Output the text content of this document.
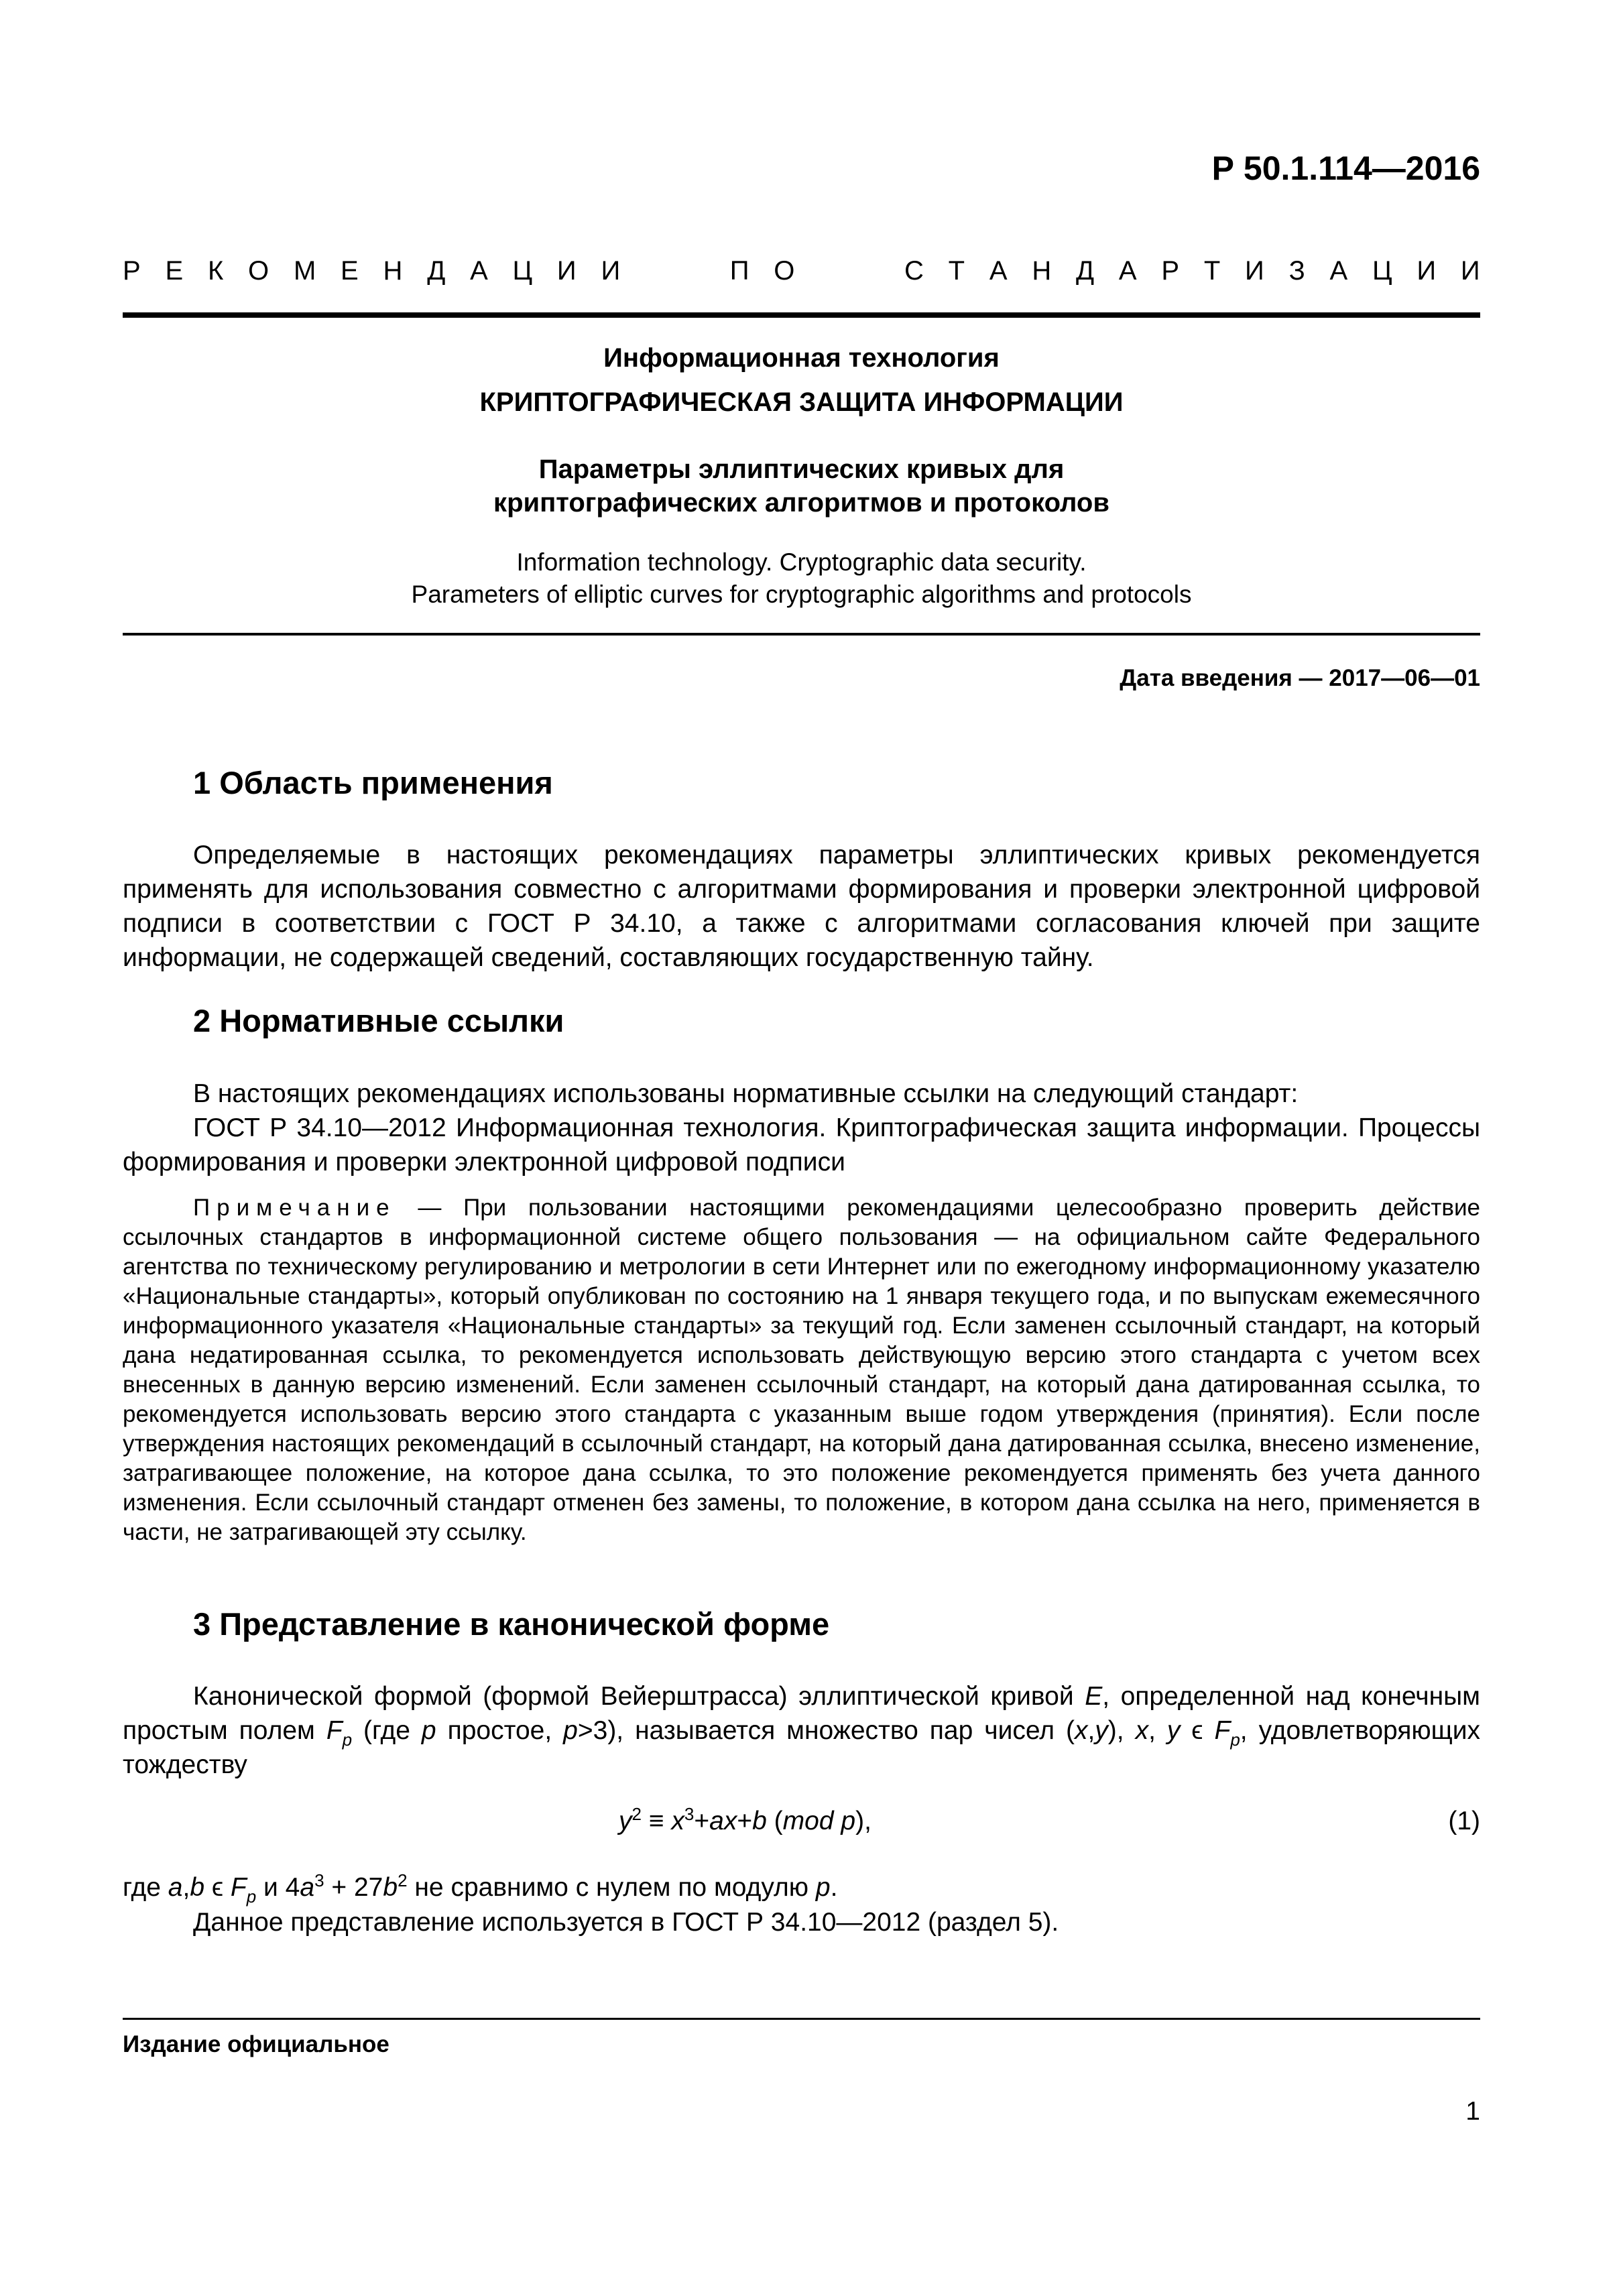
Р 50.1.114—2016
Р Е К О М Е Н Д А Ц И И	П О	С Т А Н Д А Р Т И З А Ц И И
Информационная технология
КРИПТОГРАФИЧЕСКАЯ ЗАЩИТА ИНФОРМАЦИИ
Параметры эллиптических кривых для
криптографических алгоритмов и протоколов
Information technology. Cryptographic data security.
Parameters of elliptic curves for cryptographic algorithms and protocols
Дата введения — 2017—06—01
1 Область применения

Определяемые в настоящих рекомендациях параметры эллиптических кривых рекомендуется применять для использования совместно с алгоритмами формирования и проверки электронной цифровой подписи в соответствии с ГОСТ Р 34.10, а также с алгоритмами согласования ключей при защите информации, не содержащей сведений, составляющих государственную тайну.

2 Нормативные ссылки

В настоящих рекомендациях использованы нормативные ссылки на следующий стандарт:

ГОСТ Р 34.10—2012 Информационная технология. Криптографическая защита информации. Процессы формирования и проверки электронной цифровой подписи

Примечание — При пользовании настоящими рекомендациями целесообразно проверить действие ссылочных стандартов в информационной системе общего пользования — на официальном сайте Федерального агентства по техническому регулированию и метрологии в сети Интернет или по ежегодному информационному указателю «Национальные стандарты», который опубликован по состоянию на 1 января текущего года, и по выпускам ежемесячного информационного указателя «Национальные стандарты» за текущий год. Если заменен ссылочный стандарт, на который дана недатированная ссылка, то рекомендуется использовать действующую версию этого стандарта с учетом всех внесенных в данную версию изменений. Если заменен ссылочный стандарт, на который дана датированная ссылка, то рекомендуется использовать версию этого стандарта с указанным выше годом утверждения (принятия). Если после утверждения настоящих рекомендаций в ссылочный стандарт, на который дана датированная ссылка, внесено изменение, затрагивающее положение, на которое дана ссылка, то это положение рекомендуется применять без учета данного изменения. Если ссылочный стандарт отменен без замены, то положение, в котором дана ссылка на него, применяется в части, не затрагивающей эту ссылку.

3 Представление в канонической форме

Канонической формой (формой Вейерштрасса) эллиптической кривой E, определенной над конечным простым полем $F_p$ (где p простое, p>3), называется множество пар чисел (x,y), x, y ϵ $F_p$, удовлетворяющих тождеству

$y^2 \equiv x^3+ax+b$ (mod p),	(1)
где a,b ϵ $F_p$ и $4a^3 + 27b^2$ не сравнимо с нулем по модулю p.
Данное представление используется в ГОСТ Р 34.10—2012 (раздел 5).
Издание официальное
1
